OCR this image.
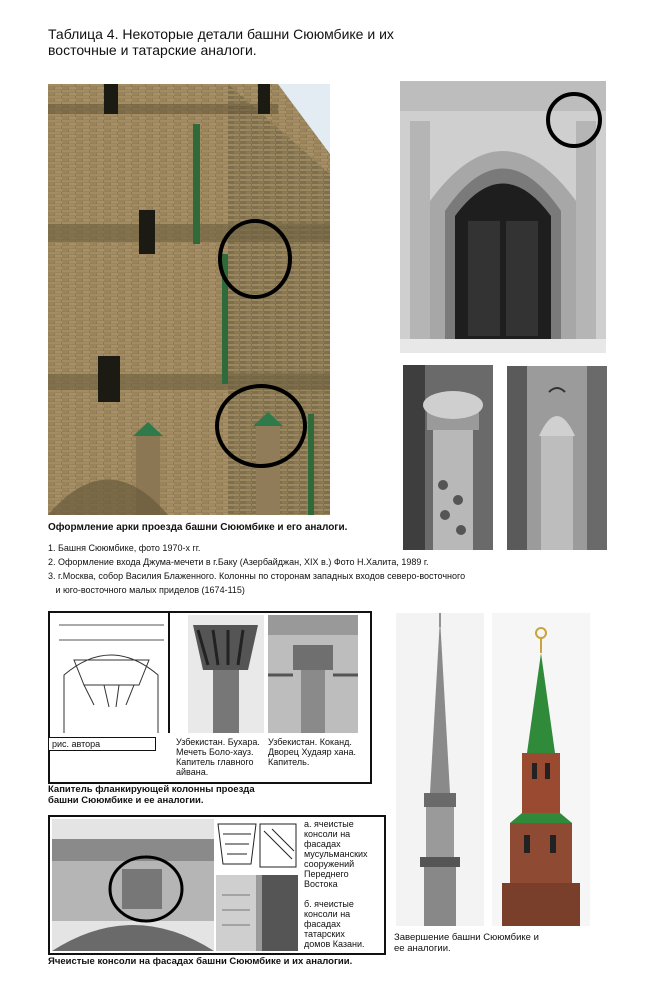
Таблица 4. Некоторые детали башни Сююмбике и их
восточные и татарские аналоги.
Оформление арки проезда башни Сююмбике и его аналоги.
1. Башня Сююмбике, фото 1970-х гг.
2. Оформление входа Джума-мечети в г.Баку (Азербайджан, XIX в.) Фото Н.Халита, 1989 г.
3. г.Москва, собор Василия Блаженного. Колонны по сторонам западных входов северо-восточного
и юго-восточного малых приделов (1674-115)
рис. автора	Узбекистан. Бухара.
Мечеть Боло-хауз.
Капитель главного
айвана.
Узбекистан. Коканд.
Дворец Худаяр хана.
Капитель.
Капитель фланкирующей колонны проезда
башни Сююмбике и ее аналогии.
Завершение башни Сююмбике и
ее аналогии.
а. ячеистые
консоли на
фасадах
мусульманских
сооружений
Переднего
Востока
б. ячеистые
консоли на
фасадах
татарских
домов Казани.
Ячеистые консоли на фасадах башни Сююмбике и их аналогии.
